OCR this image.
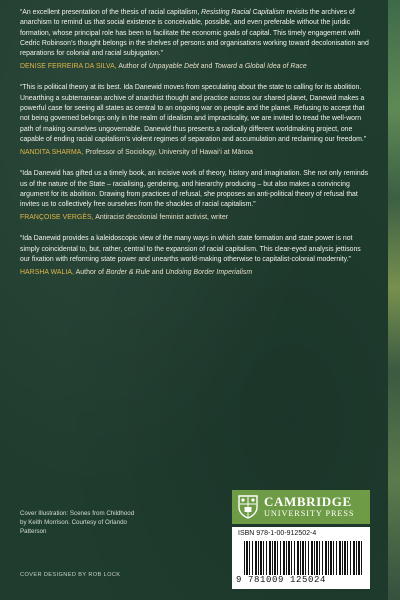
“An excellent presentation of the thesis of racial capitalism, Resisting Racial Capitalism revisits the archives of anarchism to remind us that social existence is conceivable, possible, and even preferable without the juridic formation, whose principal role has been to facilitate the economic goals of capital. This timely engagement with Cedric Robinson’s thought belongs in the shelves of persons and organisations working toward decolonisation and reparations for colonial and racial subjugation.”

DENISE FERREIRA DA SILVA, Author of Unpayable Debt and Toward a Global Idea of Race

“This is political theory at its best. Ida Danewid moves from speculating about the state to calling for its abolition. Unearthing a subterranean archive of anarchist thought and practice across our shared planet, Danewid makes a powerful case for seeing all states as central to an ongoing war on people and the planet. Refusing to accept that not being governed belongs only in the realm of idealism and impracticality, we are invited to tread the well-worn path of making ourselves ungovernable. Danewid thus presents a radically different worldmaking project, one capable of ending racial capitalism’s violent regimes of separation and accumulation and reclaiming our freedom.”

NANDITA SHARMA, Professor of Sociology, University of Hawai‘i at Mānoa

“Ida Danewid has gifted us a timely book, an incisive work of theory, history and imagination. She not only reminds us of the nature of the State – racialising, gendering, and hierarchy producing – but also makes a convincing argument for its abolition. Drawing from practices of refusal, she proposes an anti-political theory of refusal that invites us to collectively free ourselves from the shackles of racial capitalism.”

FRANÇOISE VERGÈS, Antiracist decolonial feminist activist, writer

“Ida Danewid provides a kaleidoscopic view of the many ways in which state formation and state power is not simply coincidental to, but, rather, central to the expansion of racial capitalism. This clear-eyed analysis jettisons our fixation with reforming state power and unearths world-making otherwise to capitalist-colonial modernity.”

HARSHA WALIA, Author of Border & Rule and Undoing Border Imperialism

Cover Illustration: Scenes from Childhood by Keith Morrison. Courtesy of Orlando Patterson
COVER DESIGNED BY ROB LOCK
CAMBRIDGE
UNIVERSITY PRESS
ISBN 978-1-00-912502-4
9 781009 125024
